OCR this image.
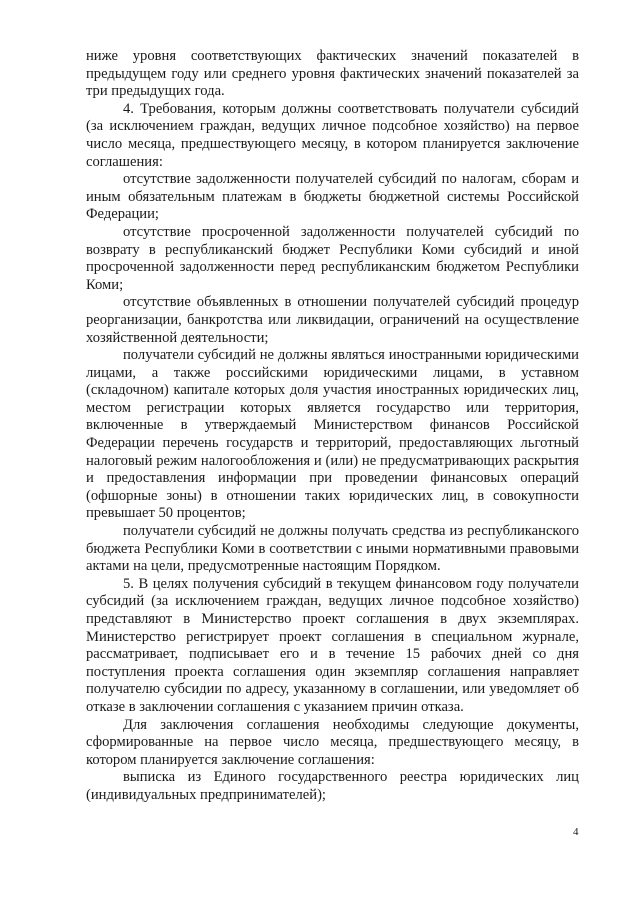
ниже уровня соответствующих фактических значений показателей в предыдущем году или среднего уровня фактических значений показателей за три предыдущих года.

4. Требования, которым должны соответствовать получатели субсидий (за исключением граждан, ведущих личное подсобное хозяйство) на первое число месяца, предшествующего месяцу, в котором планируется заключение соглашения:

отсутствие задолженности получателей субсидий по налогам, сборам и иным обязательным платежам в бюджеты бюджетной системы Российской Федерации;

отсутствие просроченной задолженности получателей субсидий по возврату в республиканский бюджет Республики Коми субсидий и иной просроченной задолженности перед республиканским бюджетом Республики Коми;

отсутствие объявленных в отношении получателей субсидий процедур реорганизации, банкротства или ликвидации, ограничений на осуществление хозяйственной деятельности;

получатели субсидий не должны являться иностранными юридическими лицами, а также российскими юридическими лицами, в уставном (складочном) капитале которых доля участия иностранных юридических лиц, местом регистрации которых является государство или территория, включенные в утверждаемый Министерством финансов Российской Федерации перечень государств и территорий, предоставляющих льготный налоговый режим налогообложения и (или) не предусматривающих раскрытия и предоставления информации при проведении финансовых операций (офшорные зоны) в отношении таких юридических лиц, в совокупности превышает 50 процентов;

получатели субсидий не должны получать средства из республиканского бюджета Республики Коми в соответствии с иными нормативными правовыми актами на цели, предусмотренные настоящим Порядком.

5. В целях получения субсидий в текущем финансовом году получатели субсидий (за исключением граждан, ведущих личное подсобное хозяйство) представляют в Министерство проект соглашения в двух экземплярах. Министерство регистрирует проект соглашения в специальном журнале, рассматривает, подписывает его и в течение 15 рабочих дней со дня поступления проекта соглашения один экземпляр соглашения направляет получателю субсидии по адресу, указанному в соглашении, или уведомляет об отказе в заключении соглашения с указанием причин отказа.

Для заключения соглашения необходимы следующие документы, сформированные на первое число месяца, предшествующего месяцу, в котором планируется заключение соглашения:

выписка из Единого государственного реестра юридических лиц (индивидуальных предпринимателей);

4
